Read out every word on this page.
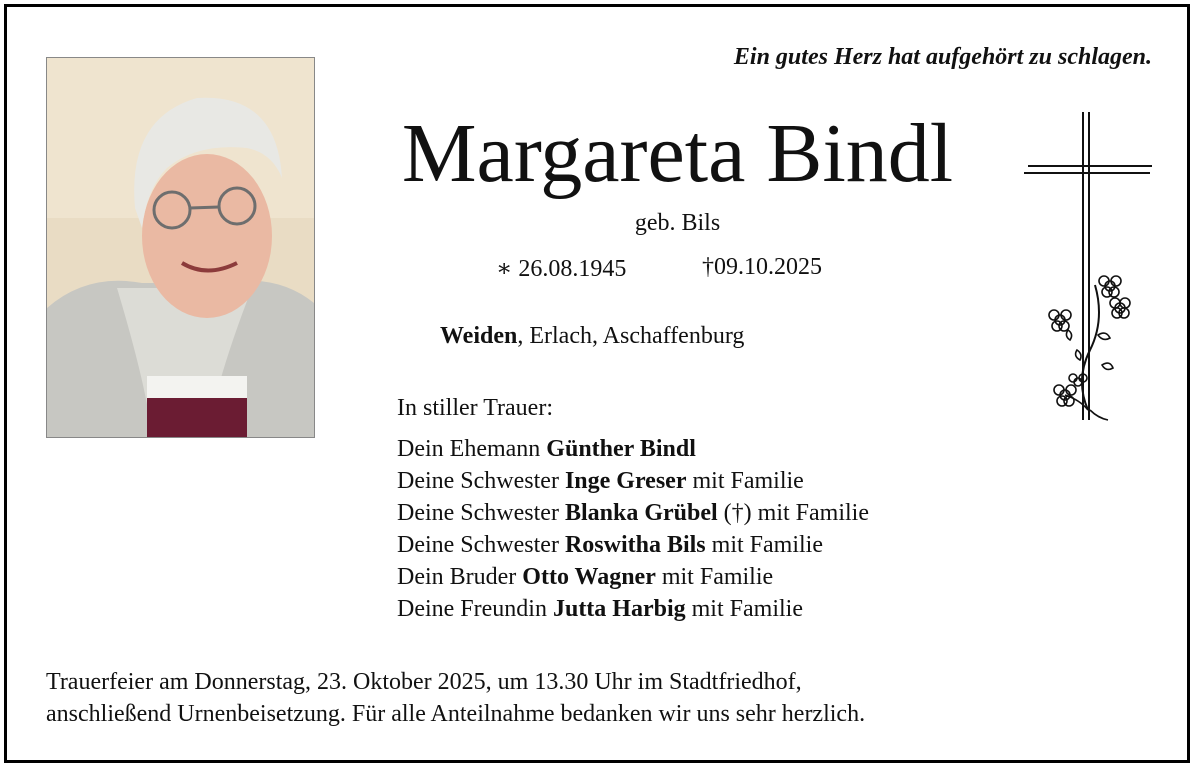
Ein gutes Herz hat aufgehört zu schlagen.
Margareta Bindl
geb. Bils
∗ 26.08.1945	†09.10.2025
Weiden, Erlach, Aschaffenburg
In stiller Trauer:
Dein Ehemann Günther Bindl
Deine Schwester Inge Greser mit Familie
Deine Schwester Blanka Grübel (†) mit Familie
Deine Schwester Roswitha Bils mit Familie
Dein Bruder Otto Wagner mit Familie
Deine Freundin Jutta Harbig mit Familie
Trauerfeier am Donnerstag, 23. Oktober 2025, um 13.30 Uhr im Stadtfriedhof,
anschließend Urnenbeisetzung. Für alle Anteilnahme bedanken wir uns sehr herzlich.
